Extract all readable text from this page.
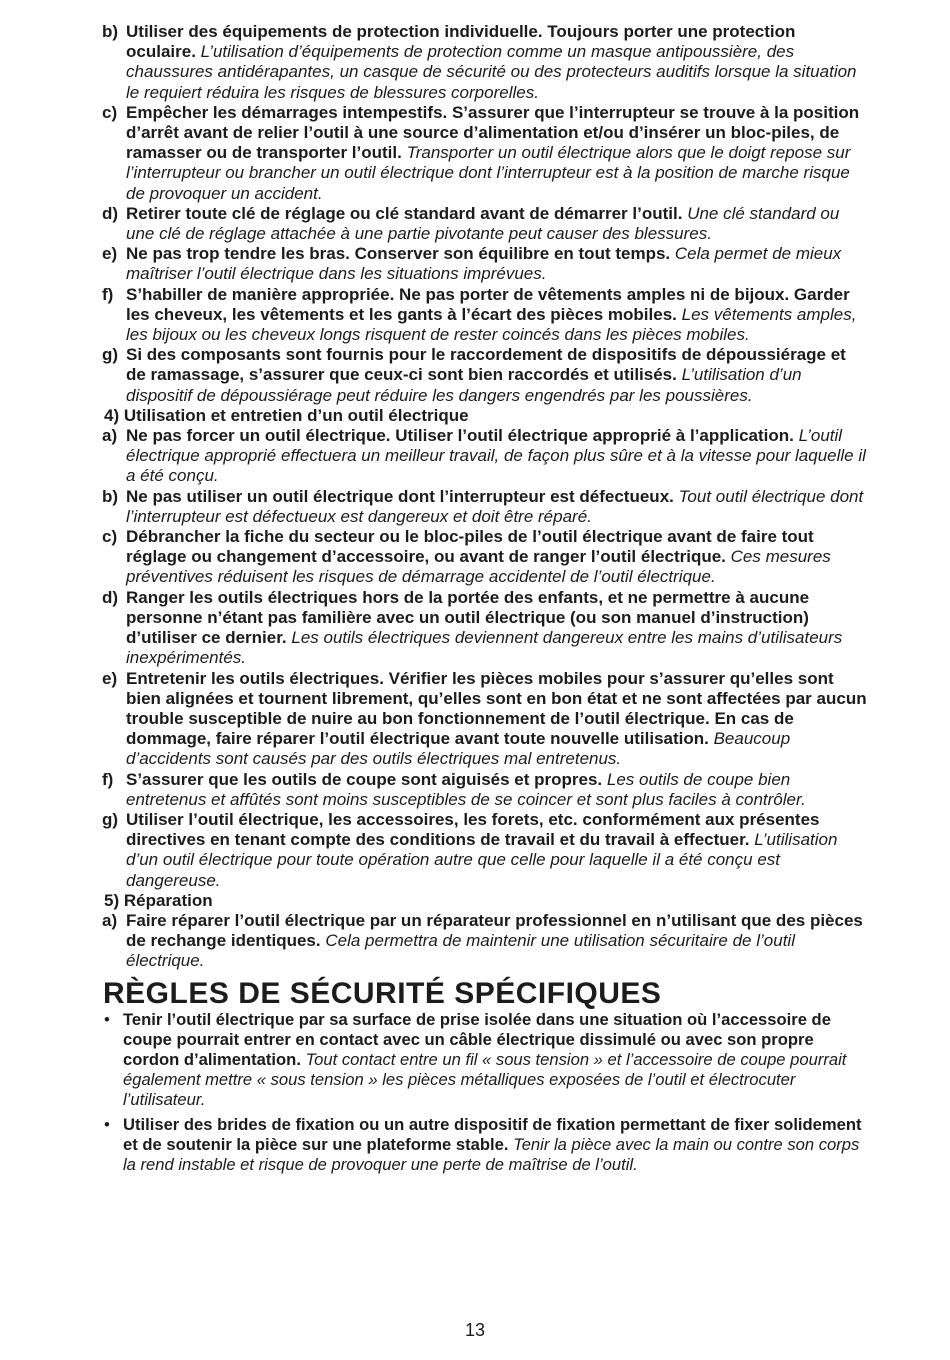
b) Utiliser des équipements de protection individuelle. Toujours porter une protection oculaire. L’utilisation d’équipements de protection comme un masque antipoussière, des chaussures antidérapantes, un casque de sécurité ou des protecteurs auditifs lorsque la situation le requiert réduira les risques de blessures corporelles.
c) Empêcher les démarrages intempestifs. S’assurer que l’interrupteur se trouve à la position d’arrêt avant de relier l’outil à une source d’alimentation et/ou d’insérer un bloc-piles, de ramasser ou de transporter l’outil. Transporter un outil électrique alors que le doigt repose sur l’interrupteur ou brancher un outil électrique dont l’interrupteur est à la position de marche risque de provoquer un accident.
d) Retirer toute clé de réglage ou clé standard avant de démarrer l’outil. Une clé standard ou une clé de réglage attachée à une partie pivotante peut causer des blessures.
e) Ne pas trop tendre les bras. Conserver son équilibre en tout temps. Cela permet de mieux maîtriser l’outil électrique dans les situations imprévues.
f) S’habiller de manière appropriée. Ne pas porter de vêtements amples ni de bijoux. Garder les cheveux, les vêtements et les gants à l’écart des pièces mobiles. Les vêtements amples, les bijoux ou les cheveux longs risquent de rester coincés dans les pièces mobiles.
g) Si des composants sont fournis pour le raccordement de dispositifs de dépoussiérage et de ramassage, s’assurer que ceux-ci sont bien raccordés et utilisés. L’utilisation d’un dispositif de dépoussiérage peut réduire les dangers engendrés par les poussières.
4) Utilisation et entretien d’un outil électrique
a) Ne pas forcer un outil électrique. Utiliser l’outil électrique approprié à l’application. L’outil électrique approprié effectuera un meilleur travail, de façon plus sûre et à la vitesse pour laquelle il a été conçu.
b) Ne pas utiliser un outil électrique dont l’interrupteur est défectueux. Tout outil électrique dont l’interrupteur est défectueux est dangereux et doit être réparé.
c) Débrancher la fiche du secteur ou le bloc-piles de l’outil électrique avant de faire tout réglage ou changement d’accessoire, ou avant de ranger l’outil électrique. Ces mesures préventives réduisent les risques de démarrage accidentel de l’outil électrique.
d) Ranger les outils électriques hors de la portée des enfants, et ne permettre à aucune personne n’étant pas familière avec un outil électrique (ou son manuel d’instruction) d’utiliser ce dernier. Les outils électriques deviennent dangereux entre les mains d’utilisateurs inexpérimentés.
e) Entretenir les outils électriques. Vérifier les pièces mobiles pour s’assurer qu’elles sont bien alignées et tournent librement, qu’elles sont en bon état et ne sont affectées par aucun trouble susceptible de nuire au bon fonctionnement de l’outil électrique. En cas de dommage, faire réparer l’outil électrique avant toute nouvelle utilisation. Beaucoup d’accidents sont causés par des outils électriques mal entretenus.
f) S’assurer que les outils de coupe sont aiguisés et propres. Les outils de coupe bien entretenus et affûtés sont moins susceptibles de se coincer et sont plus faciles à contrôler.
g) Utiliser l’outil électrique, les accessoires, les forets, etc. conformément aux présentes directives en tenant compte des conditions de travail et du travail à effectuer. L’utilisation d’un outil électrique pour toute opération autre que celle pour laquelle il a été conçu est dangereuse.
5) Réparation
a) Faire réparer l’outil électrique par un réparateur professionnel en n’utilisant que des pièces de rechange identiques. Cela permettra de maintenir une utilisation sécuritaire de l’outil électrique.
RÈGLES DE SÉCURITÉ SPÉCIFIQUES
• Tenir l’outil électrique par sa surface de prise isolée dans une situation où l’accessoire de coupe pourrait entrer en contact avec un câble électrique dissimulé ou avec son propre cordon d’alimentation. Tout contact entre un fil « sous tension » et l’accessoire de coupe pourrait également mettre « sous tension » les pièces métalliques exposées de l’outil et électrocuter l’utilisateur.
• Utiliser des brides de fixation ou un autre dispositif de fixation permettant de fixer solidement et de soutenir la pièce sur une plateforme stable. Tenir la pièce avec la main ou contre son corps la rend instable et risque de provoquer une perte de maîtrise de l’outil.
13
